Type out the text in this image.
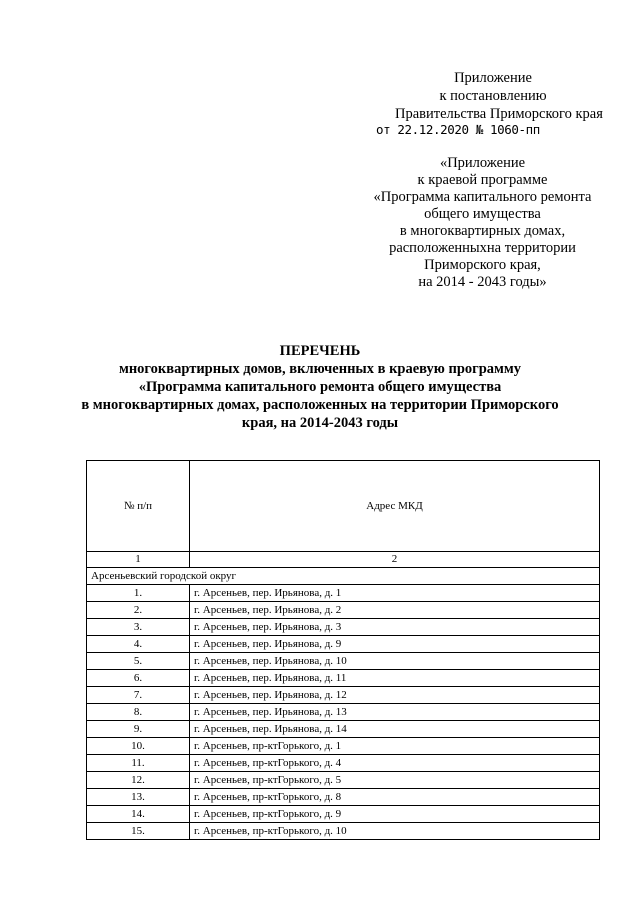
Приложение
к постановлению
Правительства Приморского края
от 22.12.2020 № 1060-пп
«Приложение
к краевой программе
«Программа капитального ремонта
общего имущества
в многоквартирных домах,
расположенныхна территории
Приморского края,
на 2014 - 2043 годы»
ПЕРЕЧЕНЬ
многоквартирных домов, включенных в краевую программу
«Программа капитального ремонта общего имущества
в многоквартирных домах, расположенных на территории Приморского
края, на 2014-2043 годы
№ п/п	Адрес МКД
1	2
Арсеньевский городской округ	
1.	г. Арсеньев, пер. Ирьянова, д. 1
2.	г. Арсеньев, пер. Ирьянова, д. 2
3.	г. Арсеньев, пер. Ирьянова, д. 3
4.	г. Арсеньев, пер. Ирьянова, д. 9
5.	г. Арсеньев, пер. Ирьянова, д. 10
6.	г. Арсеньев, пер. Ирьянова, д. 11
7.	г. Арсеньев, пер. Ирьянова, д. 12
8.	г. Арсеньев, пер. Ирьянова, д. 13
9.	г. Арсеньев, пер. Ирьянова, д. 14
10.	г. Арсеньев, пр-ктГорького, д. 1
11.	г. Арсеньев, пр-ктГорького, д. 4
12.	г. Арсеньев, пр-ктГорького, д. 5
13.	г. Арсеньев, пр-ктГорького, д. 8
14.	г. Арсеньев, пр-ктГорького, д. 9
15.	г. Арсеньев, пр-ктГорького, д. 10
